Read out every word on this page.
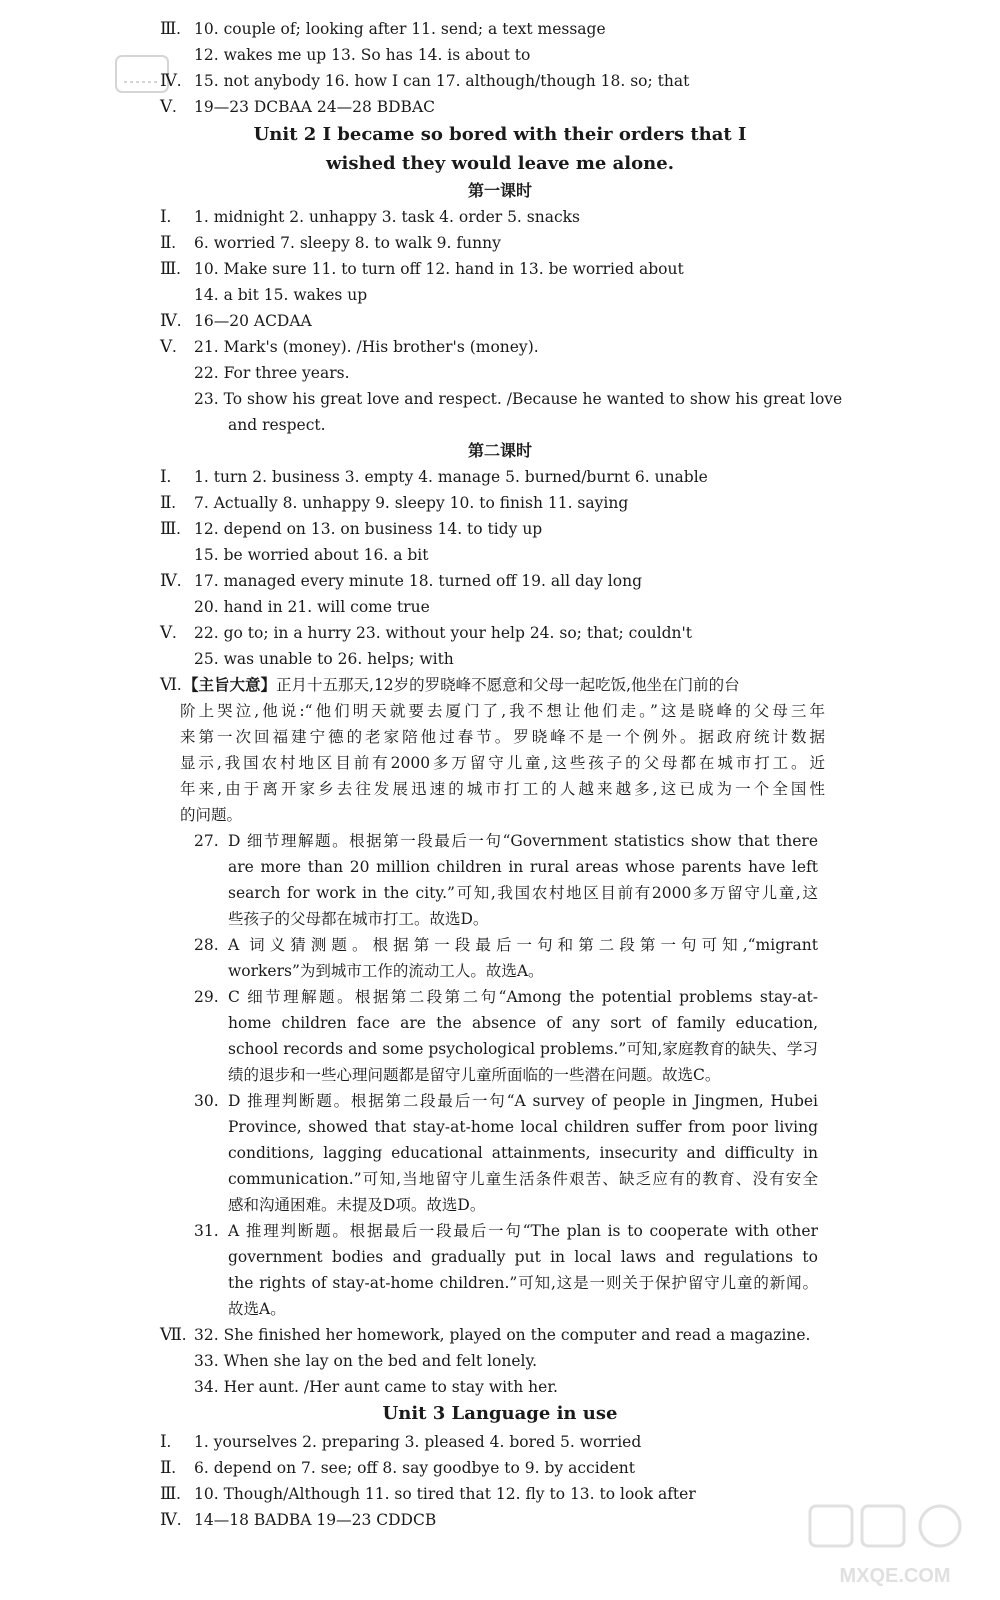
Ⅲ. 10. couple of; looking after 11. send; a text message
12. wakes me up 13. So has 14. is about to
Ⅳ. 15. not anybody 16. how I can 17. although/though 18. so; that
Ⅴ.	19—23 DCBAA 24—28 BDBAC
Unit 2 I became so bored with their orders that I
wished they would leave me alone.
第一课时
Ⅰ.	1. midnight 2. unhappy 3. task 4. order 5. snacks
Ⅱ.	6. worried 7. sleepy 8. to walk 9. funny
Ⅲ. 10. Make sure 11. to turn off 12. hand in 13. be worried about
14. a bit 15. wakes up
Ⅳ. 16—20 ACDAA
Ⅴ.	21. Mark's (money). /His brother's (money).
22. For three years.
23. To show his great love and respect. /Because he wanted to show his great love
and respect.
第二课时
Ⅰ.	1. turn 2. business 3. empty 4. manage 5. burned/burnt 6. unable
Ⅱ.	7. Actually 8. unhappy 9. sleepy 10. to finish 11. saying
Ⅲ. 12. depend on 13. on business 14. to tidy up
15. be worried about 16. a bit
Ⅳ. 17. managed every minute 18. turned off 19. all day long
20. hand in 21. will come true
Ⅴ.	22. go to; in a hurry 23. without your help 24. so; that; couldn't
25. was unable to 26. helps; with
Ⅵ. 【主旨大意】正月十五那天,12岁的罗晓峰不愿意和父母一起吃饭,他坐在门前的台
阶上哭泣,他说:“他们明天就要去厦门了,我不想让他们走。”这是晓峰的父母三年
来第一次回福建宁德的老家陪他过春节。罗晓峰不是一个例外。据政府统计数据
显示,我国农村地区目前有2000多万留守儿童,这些孩子的父母都在城市打工。近
年来,由于离开家乡去往发展迅速的城市打工的人越来越多,这已成为一个全国性
的问题。
27. D 细节理解题。根据第一段最后一句“Government statistics show that there
are more than 20 million children in rural areas whose parents have left
search for work in the city.”可知,我国农村地区目前有2000多万留守儿童,这
些孩子的父母都在城市打工。故选D。
28. A 词义猜测题。根据第一段最后一句和第二段第一句可知,“migrant
workers”为到城市工作的流动工人。故选A。
29. C 细节理解题。根据第二段第二句“Among the potential problems stay-at-
home children face are the absence of any sort of family education,
school records and some psychological problems.”可知,家庭教育的缺失、学习
绩的退步和一些心理问题都是留守儿童所面临的一些潜在问题。故选C。
30. D 推理判断题。根据第二段最后一句“A survey of people in Jingmen, Hubei
Province, showed that stay-at-home local children suffer from poor living
conditions, lagging educational attainments, insecurity and difficulty in
communication.”可知,当地留守儿童生活条件艰苦、缺乏应有的教育、没有安全
感和沟通困难。未提及D项。故选D。
31. A 推理判断题。根据最后一段最后一句“The plan is to cooperate with other
government bodies and gradually put in local laws and regulations to
the rights of stay-at-home children.”可知,这是一则关于保护留守儿童的新闻。
故选A。
Ⅶ. 32. She finished her homework, played on the computer and read a magazine.
33. When she lay on the bed and felt lonely.
34. Her aunt. /Her aunt came to stay with her.
Unit 3 Language in use
Ⅰ.	1. yourselves 2. preparing 3. pleased 4. bored 5. worried
Ⅱ.	6. depend on 7. see; off 8. say goodbye to 9. by accident
Ⅲ. 10. Though/Although 11. so tired that 12. fly to 13. to look after
Ⅳ. 14—18 BADBA 19—23 CDDCB
MXQE.COM
